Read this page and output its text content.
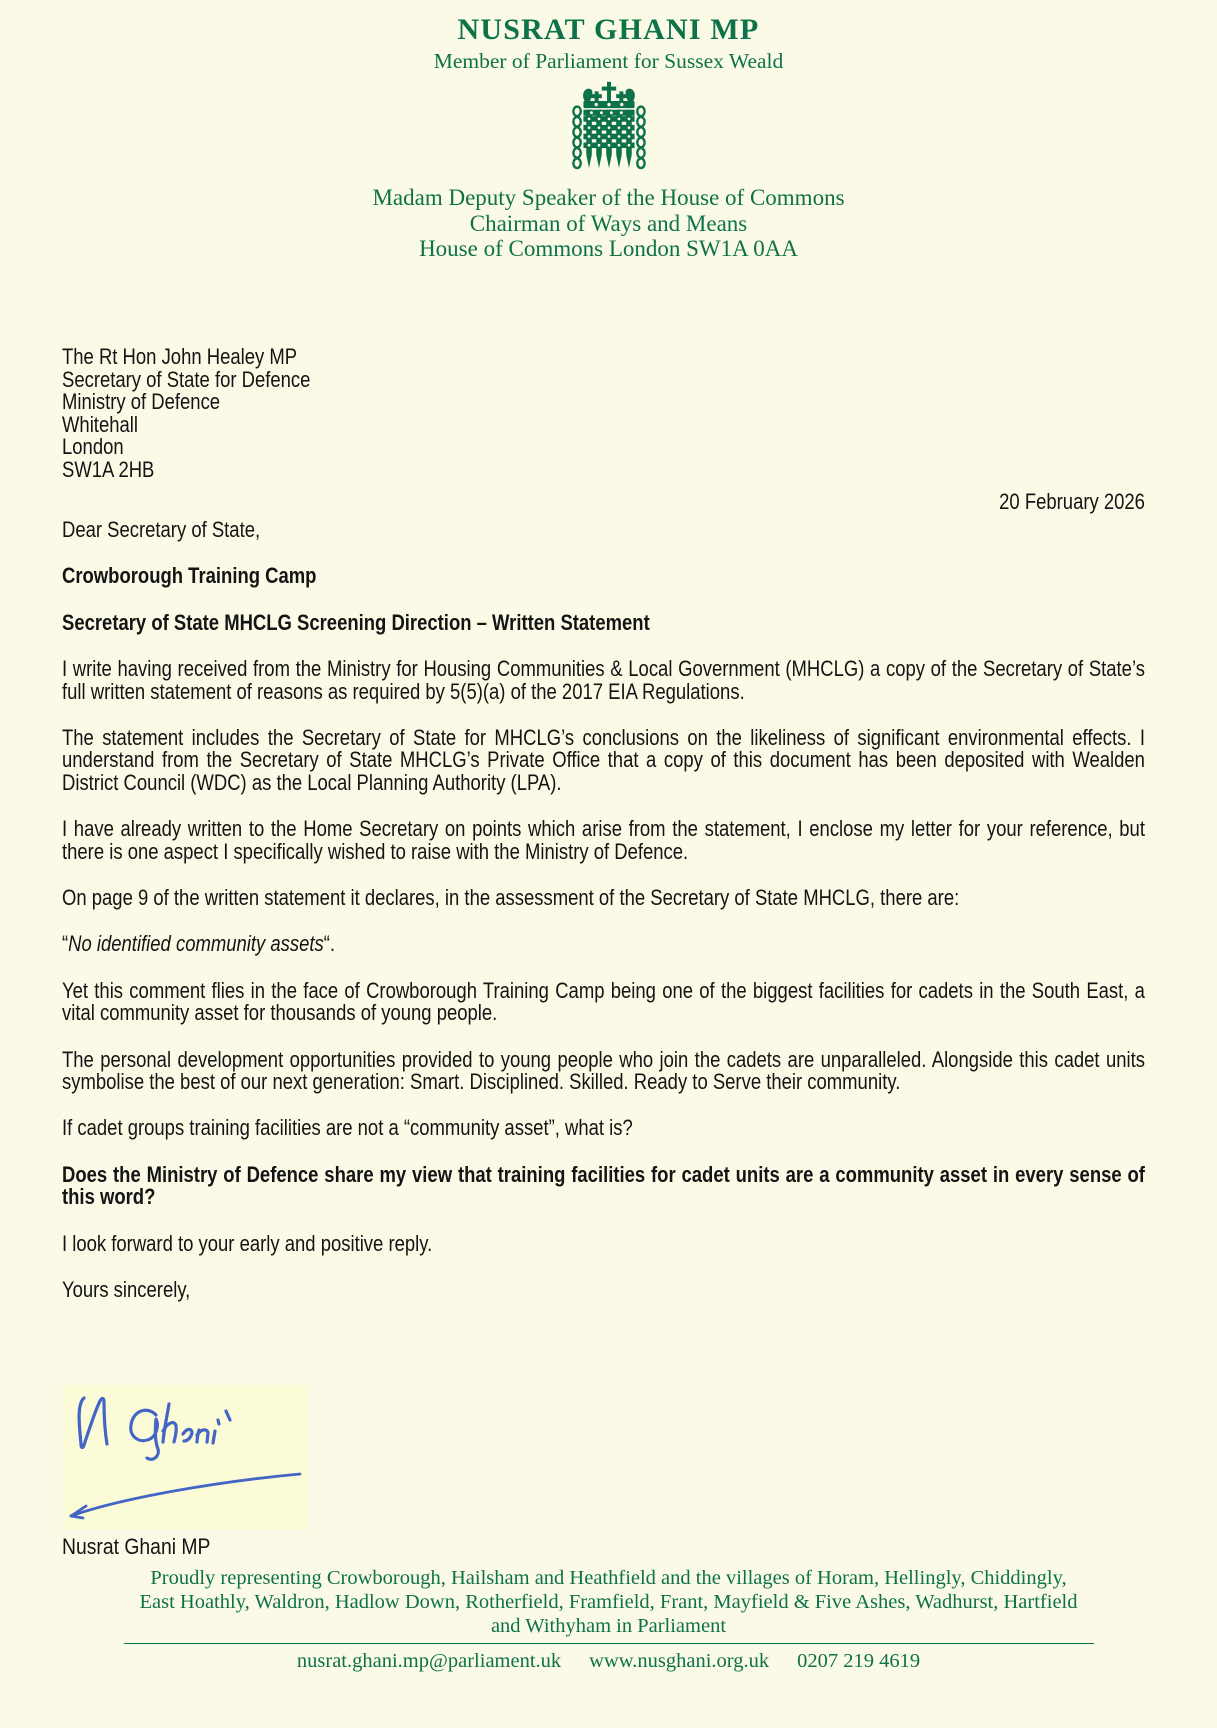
NUSRAT GHANI MP
Member of Parliament for Sussex Weald
Madam Deputy Speaker of the House of Commons
Chairman of Ways and Means
House of Commons London SW1A 0AA
The Rt Hon John Healey MP
Secretary of State for Defence
Ministry of Defence
Whitehall
London
SW1A 2HB
20 February 2026
Dear Secretary of State,
Crowborough Training Camp
Secretary of State MHCLG Screening Direction – Written Statement

I write having received from the Ministry for Housing Communities & Local Government (MHCLG) a copy of the Secretary of State’s full written statement of reasons as required by 5(5)(a) of the 2017 EIA Regulations.

The statement includes the Secretary of State for MHCLG’s conclusions on the likeliness of significant environmental effects. I understand from the Secretary of State MHCLG’s Private Office that a copy of this document has been deposited with Wealden District Council (WDC) as the Local Planning Authority (LPA).

I have already written to the Home Secretary on points which arise from the statement, I enclose my letter for your reference, but there is one aspect I specifically wished to raise with the Ministry of Defence.

On page 9 of the written statement it declares, in the assessment of the Secretary of State MHCLG, there are:

“No identified community assets“.

Yet this comment flies in the face of Crowborough Training Camp being one of the biggest facilities for cadets in the South East, a vital community asset for thousands of young people.

The personal development opportunities provided to young people who join the cadets are unparalleled. Alongside this cadet units symbolise the best of our next generation: Smart. Disciplined. Skilled. Ready to Serve their community.

If cadet groups training facilities are not a “community asset”, what is?

Does the Ministry of Defence share my view that training facilities for cadet units are a community asset in every sense of this word?

I look forward to your early and positive reply.

Yours sincerely,
Nusrat Ghani MP
Proudly representing Crowborough, Hailsham and Heathfield and the villages of Horam, Hellingly, Chiddingly,
East Hoathly, Waldron, Hadlow Down, Rotherfield, Framfield, Frant, Mayfield & Five Ashes, Wadhurst, Hartfield
and Withyham in Parliament
nusrat.ghani.mp@parliament.uk www.nusghani.org.uk 0207 219 4619
